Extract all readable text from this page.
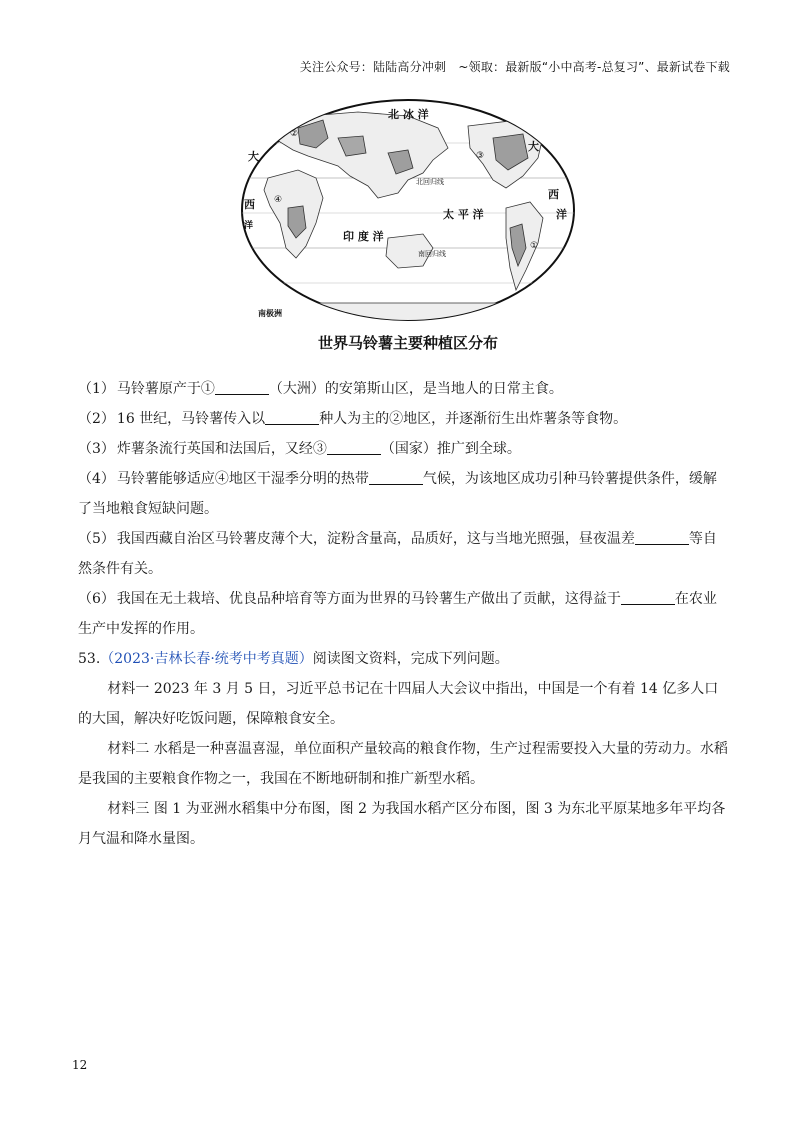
关注公众号：陆陆高分冲刺　~领取：最新版“小中高考-总复习”、最新试卷下载
北 冰 洋
北回归线
南回归线
太 平 洋
印 度 洋
南极洲
大
西
洋
大
西
洋
①
②
③
④
世界马铃薯主要种植区分布

（1） 马铃薯原产于①	（大洲）的安第斯山区，是当地人的日常主食。

（2） 16 世纪，马铃薯传入以	种人为主的②地区，并逐渐衍生出炸薯条等食物。

（3） 炸薯条流行英国和法国后，又经③	（国家）推广到全球。

（4） 马铃薯能够适应④地区干湿季分明的热带	气候，为该地区成功引种马铃薯提供条件，缓解了当地粮食短缺问题。

（5） 我国西藏自治区马铃薯皮薄个大，淀粉含量高，品质好，这与当地光照强，昼夜温差	等自然条件有关。

（6） 我国在无土栽培、优良品种培育等方面为世界的马铃薯生产做出了贡献，这得益于	在农业生产中发挥的作用。

53.（2023·吉林长春·统考中考真题）阅读图文资料，完成下列问题。

材料一 2023 年 3 月 5 日，习近平总书记在十四届人大会议中指出，中国是一个有着 14 亿多人口的大国，解决好吃饭问题，保障粮食安全。

材料二 水稻是一种喜温喜湿，单位面积产量较高的粮食作物，生产过程需要投入大量的劳动力。水稻是我国的主要粮食作物之一，我国在不断地研制和推广新型水稻。

材料三 图 1 为亚洲水稻集中分布图，图 2 为我国水稻产区分布图，图 3 为东北平原某地多年平均各月气温和降水量图。

12
